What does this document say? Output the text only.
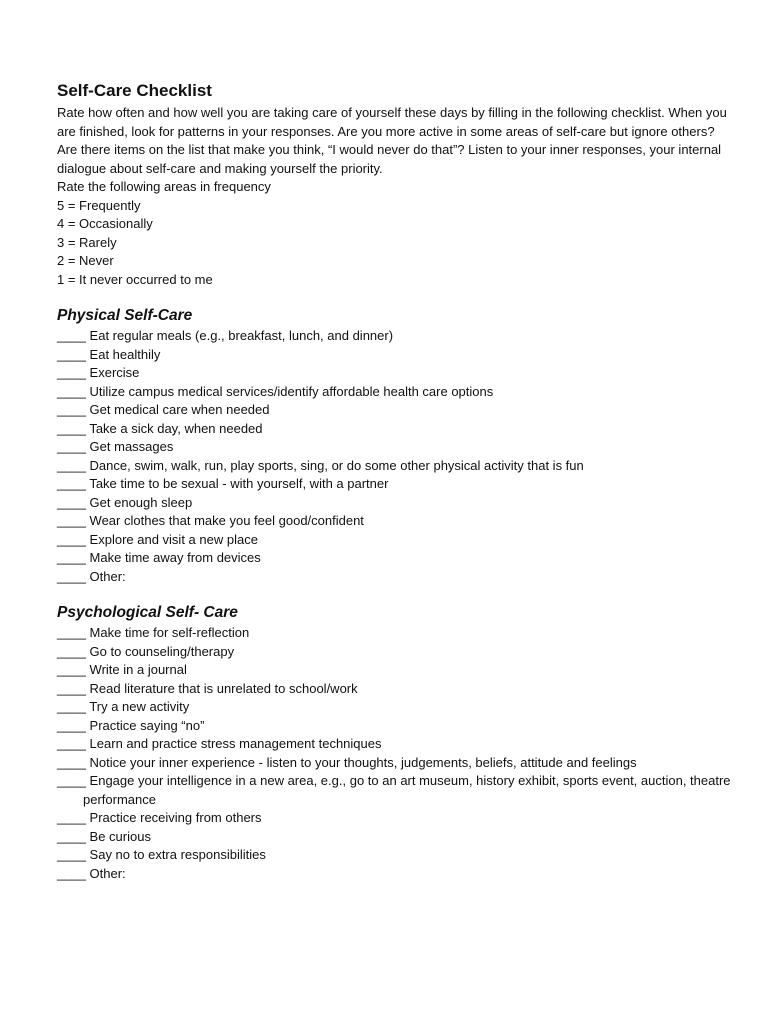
Self-Care Checklist

Rate how often and how well you are taking care of yourself these days by filling in the following checklist. When you are finished, look for patterns in your responses. Are you more active in some areas of self-care but ignore others? Are there items on the list that make you think, “I would never do that”? Listen to your inner responses, your internal dialogue about self-care and making yourself the priority.

Rate the following areas in frequency

5 = Frequently
4 = Occasionally
3 = Rarely
2 = Never
1 = It never occurred to me
Physical Self-Care
____ Eat regular meals (e.g., breakfast, lunch, and dinner)
____ Eat healthily
____ Exercise
____ Utilize campus medical services/identify affordable health care options
____ Get medical care when needed
____ Take a sick day, when needed
____ Get massages
____ Dance, swim, walk, run, play sports, sing, or do some other physical activity that is fun
____ Take time to be sexual - with yourself, with a partner
____ Get enough sleep
____ Wear clothes that make you feel good/confident
____ Explore and visit a new place
____ Make time away from devices
____ Other:
Psychological Self- Care
____ Make time for self-reflection
____ Go to counseling/therapy
____ Write in a journal
____ Read literature that is unrelated to school/work
____ Try a new activity
____ Practice saying “no”
____ Learn and practice stress management techniques
____ Notice your inner experience - listen to your thoughts, judgements, beliefs, attitude and feelings
____ Engage your intelligence in a new area, e.g., go to an art museum, history exhibit, sports event, auction, theatre
performance
____ Practice receiving from others
____ Be curious
____ Say no to extra responsibilities
____ Other:
